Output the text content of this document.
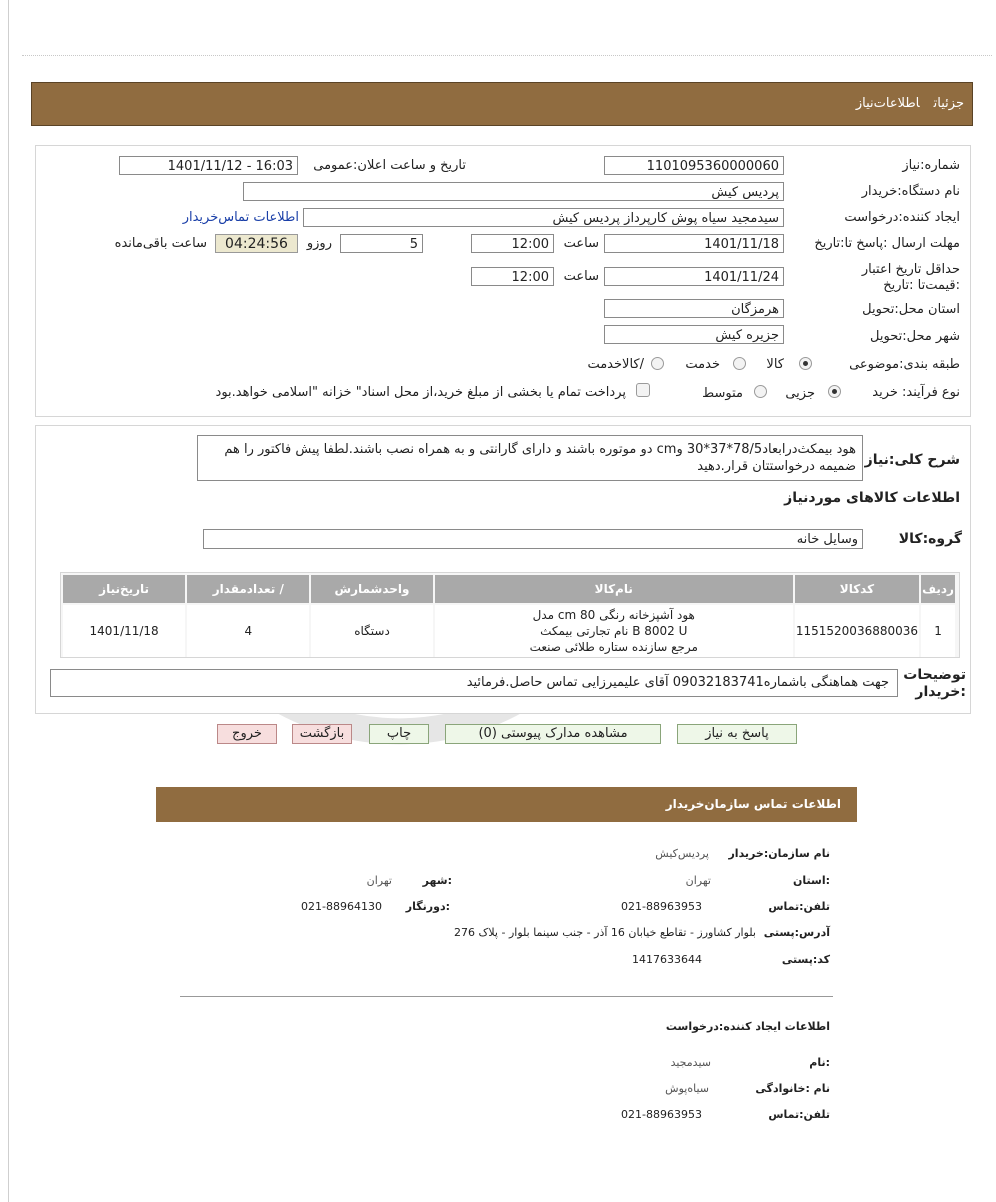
جزئیاتاطلاعات‌نیاز
شماره:نیاز
1101095360000060
تاریخ و ساعت اعلان:عمومی
1401/11/12 - 16:03
نام دستگاه:خریدار
پردیس کیش
ایجاد کننده:درخواست
سیدمجید سیاه پوش کارپرداز پردیس کیش
اطلاعات تماس‌خریدار
مهلت ارسال :پاسخ تا:تاریخ
1401/11/18
ساعت
12:00
5
روزو
04:24:56
ساعت باقی‌مانده
حداقل تاریخ اعتبار :قیمت‌تا :تاریخ
1401/11/24
ساعت
12:00
استان محل:تحویل
هرمزگان
شهر محل:تحویل
جزیره کیش
طبقه بندی:موضوعی
کالا
خدمت
/کالاخدمت
نوع فرآیند: خرید
جزیی
متوسط
پرداخت تمام یا بخشی از مبلغ خرید،از محل اسناد" خزانه "اسلامی خواهد.بود
شرح کلی:نیاز
هود بیمکث‌درابعاد78/5*37*30 وcm دو موتوره باشند و دارای گارانتی و به همراه نصب باشند.لطفا پیش فاکتور را هم ضمیمه درخواستتان قرار.دهید
اطلاعات کالاهای موردنیاز
گروه:کالا
وسایل خانه
ردیف	کدکالا	نام‌کالا	واحدشمارش	/ تعدادمقدار	تاریخ‌نیاز
1	1151520036880036	هود آشپزخانه رنگی 80 cm مدل
B 8002 U نام تجارتی بیمکث
مرجع سازنده ستاره طلائی صنعت	دستگاه	4	1401/11/18
توضیحات :خریدار
جهت هماهنگی باشماره09032183741 آقای علیمیرزایی تماس حاصل.فرمائید
پاسخ به نیاز
مشاهده مدارک پیوستی (0)
چاپ
بازگشت
خروج
اطلاعات تماس سازمان‌خریدار
نام سازمان:خریدار
پردیس‌کیش
:استان
تهران
:شهر
تهران
تلفن:تماس
021-88963953
:دورنگار
021-88964130
آدرس:پستی
بلوار کشاورز - تقاطع خیابان 16 آذر - جنب سینما بلوار - پلاک 276
کد:پستی
1417633644
اطلاعات ایجاد کننده:درخواست
:نام
سیدمجید
نام :خانوادگی
سیاه‌پوش
تلفن:تماس
021-88963953
